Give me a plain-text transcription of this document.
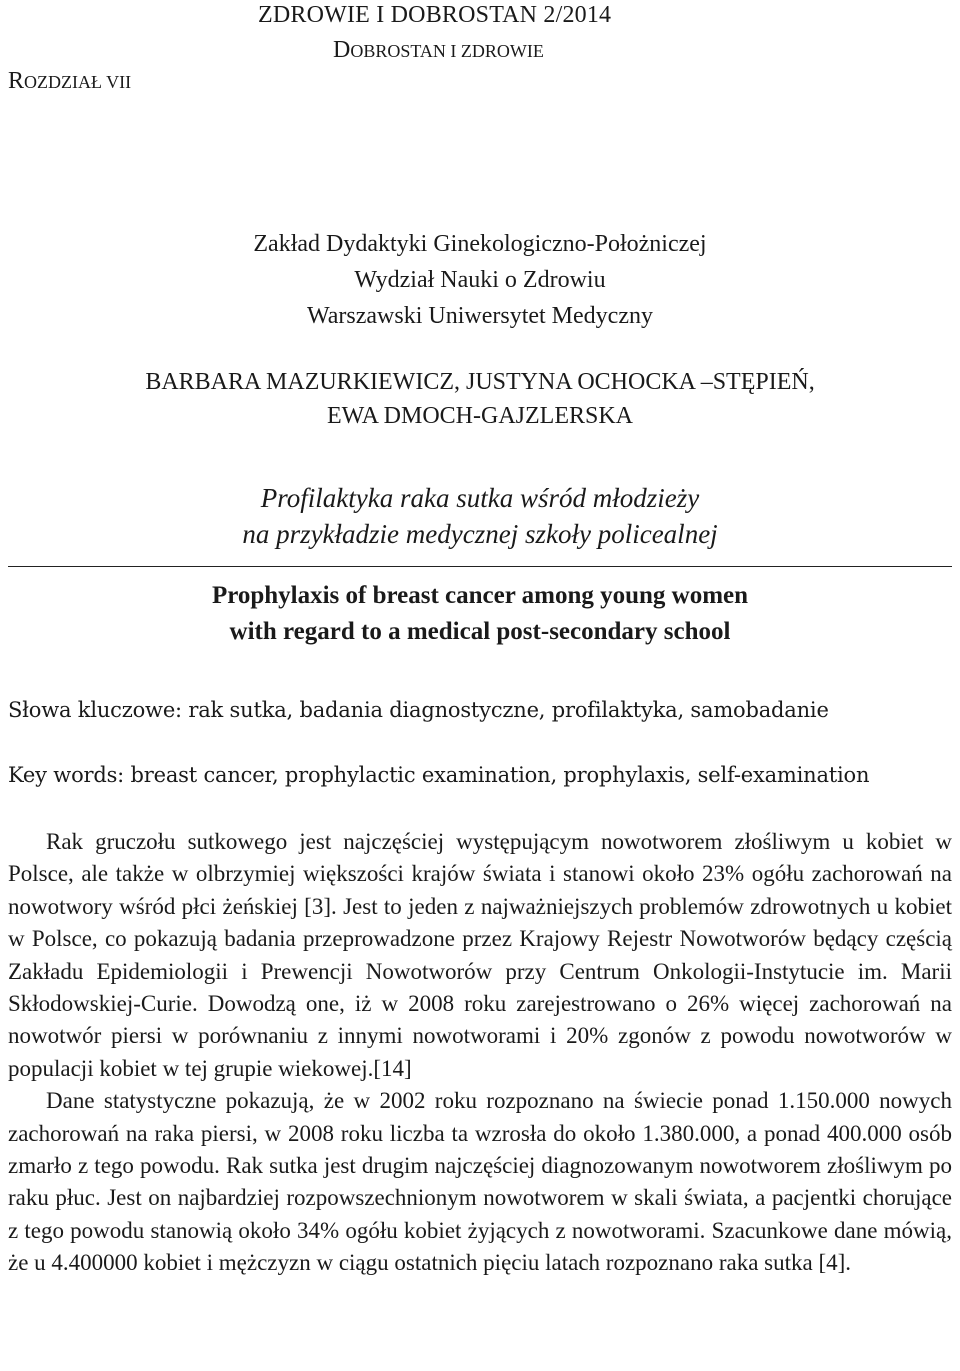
ZDROWIE I DOBROSTAN 2/2014
DOBROSTAN I ZDROWIE
ROZDZIAŁ VII
Zakład Dydaktyki Ginekologiczno-Położniczej
Wydział Nauki o Zdrowiu
Warszawski Uniwersytet Medyczny
BARBARA MAZURKIEWICZ, JUSTYNA OCHOCKA –STĘPIEŃ,
EWA DMOCH-GAJZLERSKA
Profilaktyka raka sutka wśród młodzieży
na przykładzie medycznej szkoły policealnej
Prophylaxis of breast cancer among young women
with regard to a medical post-secondary school
Słowa kluczowe: rak sutka, badania diagnostyczne, profilaktyka, samobadanie
Key words: breast cancer, prophylactic examination, prophylaxis, self-examination

Rak gruczołu sutkowego jest najczęściej występującym nowotworem złośliwym u kobiet w Polsce, ale także w olbrzymiej większości krajów świata i stanowi około 23% ogółu zachorowań na nowotwory wśród płci żeńskiej [3]. Jest to jeden z najważniejszych problemów zdrowotnych u kobiet w Polsce, co pokazują badania przeprowadzone przez Krajowy Rejestr Nowotworów będący częścią Zakładu Epidemiologii i Prewencji Nowotworów przy Centrum Onkologii-Instytucie im. Marii Skłodowskiej-Curie. Dowodzą one, iż w 2008 roku zarejestrowano o 26% więcej zachorowań na nowotwór piersi w porównaniu z innymi nowotworami i 20% zgonów z powodu nowotworów w populacji kobiet w tej grupie wiekowej.[14]

Dane statystyczne pokazują, że w 2002 roku rozpoznano na świecie ponad 1.150.000 nowych zachorowań na raka piersi, w 2008 roku liczba ta wzrosła do około 1.380.000, a ponad 400.000 osób zmarło z tego powodu. Rak sutka jest drugim najczęściej diagnozowanym nowotworem złośliwym po raku płuc. Jest on najbardziej rozpowszechnionym nowotworem w skali świata, a pacjentki chorujące z tego powodu stanowią około 34% ogółu kobiet żyjących z nowotworami. Szacunkowe dane mówią, że u 4.400000 kobiet i mężczyzn w ciągu ostatnich pięciu latach rozpoznano raka sutka [4].
